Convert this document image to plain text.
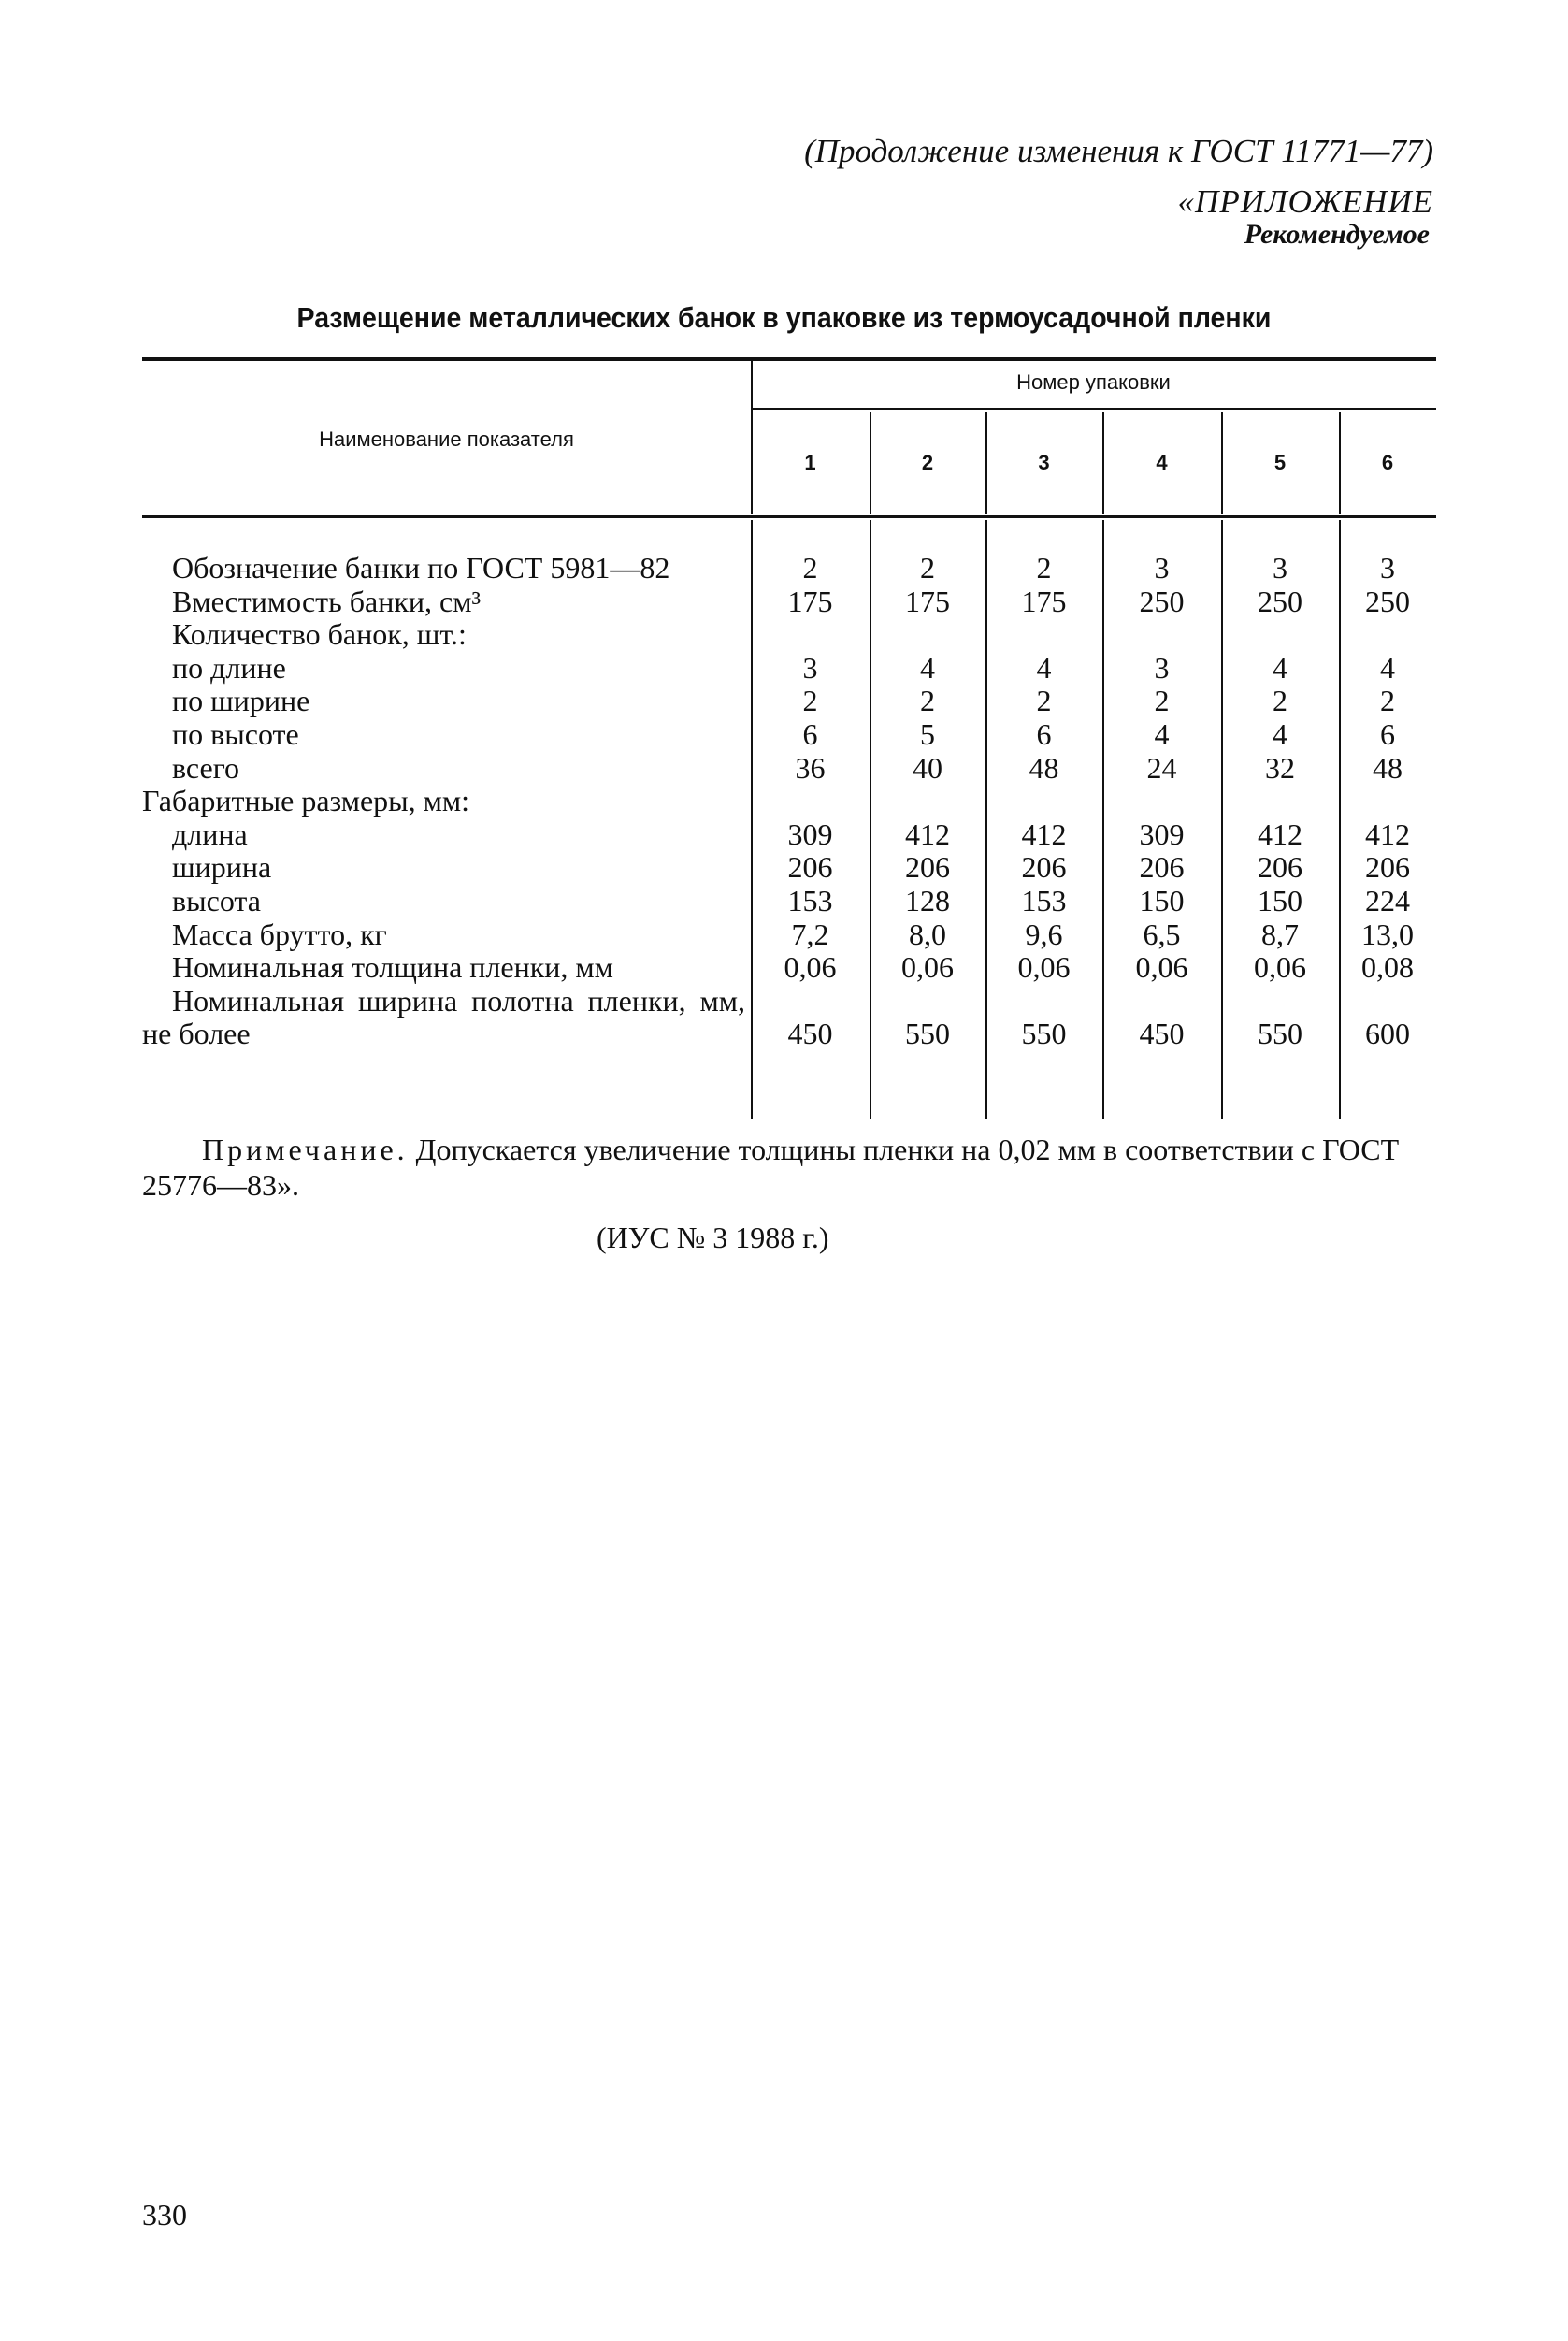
(Продолжение изменения к ГОСТ 11771—77)
«ПРИЛОЖЕНИЕ
Рекомендуемое
Размещение металлических банок в упаковке из термоусадочной пленки
Наименование показателя
Номер упаковки
1	2	3	4	5	6
Обозначение банки по ГОСТ 5981—82	2	2	2	3	3	3
Вместимость банки, см³	175	175	175	250	250	250
Количество банок, шт.:

по длине	3	4	4	3	4	4
по ширине	2	2	2	2	2	2
по высоте	6	5	6	4	4	6
всего	36	40	48	24	32	48
Габаритные размеры, мм:

длина	309	412	412	309	412	412
ширина	206	206	206	206	206	206
высота	153	128	153	150	150	224
Масса брутто, кг	7,2	8,0	9,6	6,5	8,7	13,0
Номинальная толщина пленки, мм	0,06	0,06	0,06	0,06	0,06	0,08
Номинальная ширина полотна пленки, мм, не более	450	550	550	450	550	600
Примечание. Допускается увеличение толщины пленки на 0,02 мм в соответствии с ГОСТ 25776—83».
(ИУС № 3 1988 г.)
330
